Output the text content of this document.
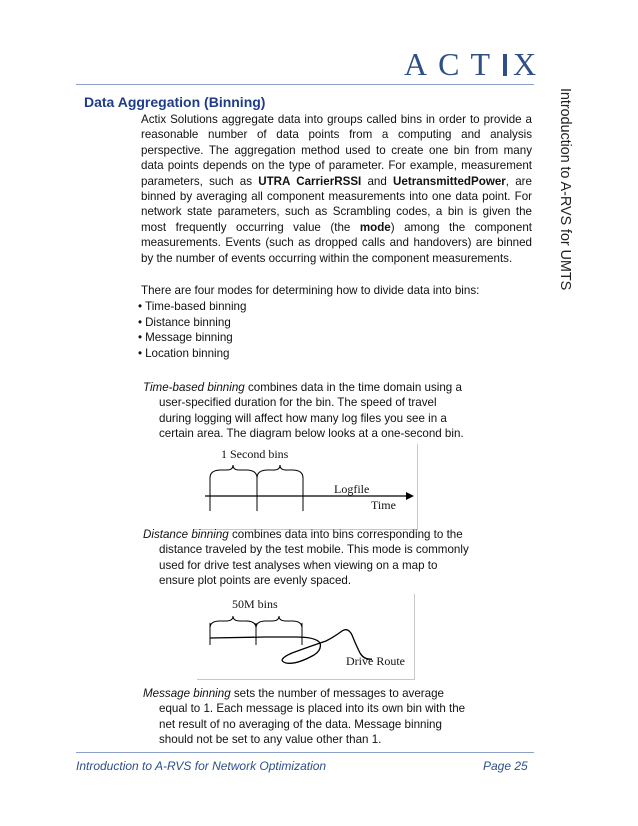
ACT X
Introduction to A-RVS for UMTS
Data Aggregation (Binning)
Actix Solutions aggregate data into groups called bins in order to provide a reasonable number of data points from a computing and analysis perspective. The aggregation method used to create one bin from many data points depends on the type of parameter. For example, measurement parameters, such as UTRA CarrierRSSI and UetransmittedPower, are binned by averaging all component measurements into one data point. For network state parameters, such as Scrambling codes, a bin is given the most frequently occurring value (the mode) among the component measurements. Events (such as dropped calls and handovers) are binned by the number of events occurring within the component measurements.
There are four modes for determining how to divide data into bins:
• Time-based binning
• Distance binning
• Message binning
• Location binning

Time-based binning combines data in the time domain using a

user-specified duration for the bin. The speed of travel

during logging will affect how many log files you see in a

certain area. The diagram below looks at a one-second bin.

1 Second bins
Logfile
Time

Distance binning combines data into bins corresponding to the

distance traveled by the test mobile. This mode is commonly

used for drive test analyses when viewing on a map to

ensure plot points are evenly spaced.

50M bins
Drive Route

Message binning sets the number of messages to average

equal to 1. Each message is placed into its own bin with the

net result of no averaging of the data. Message binning

should not be set to any value other than 1.

Introduction to A-RVS for Network Optimization	Page 25
